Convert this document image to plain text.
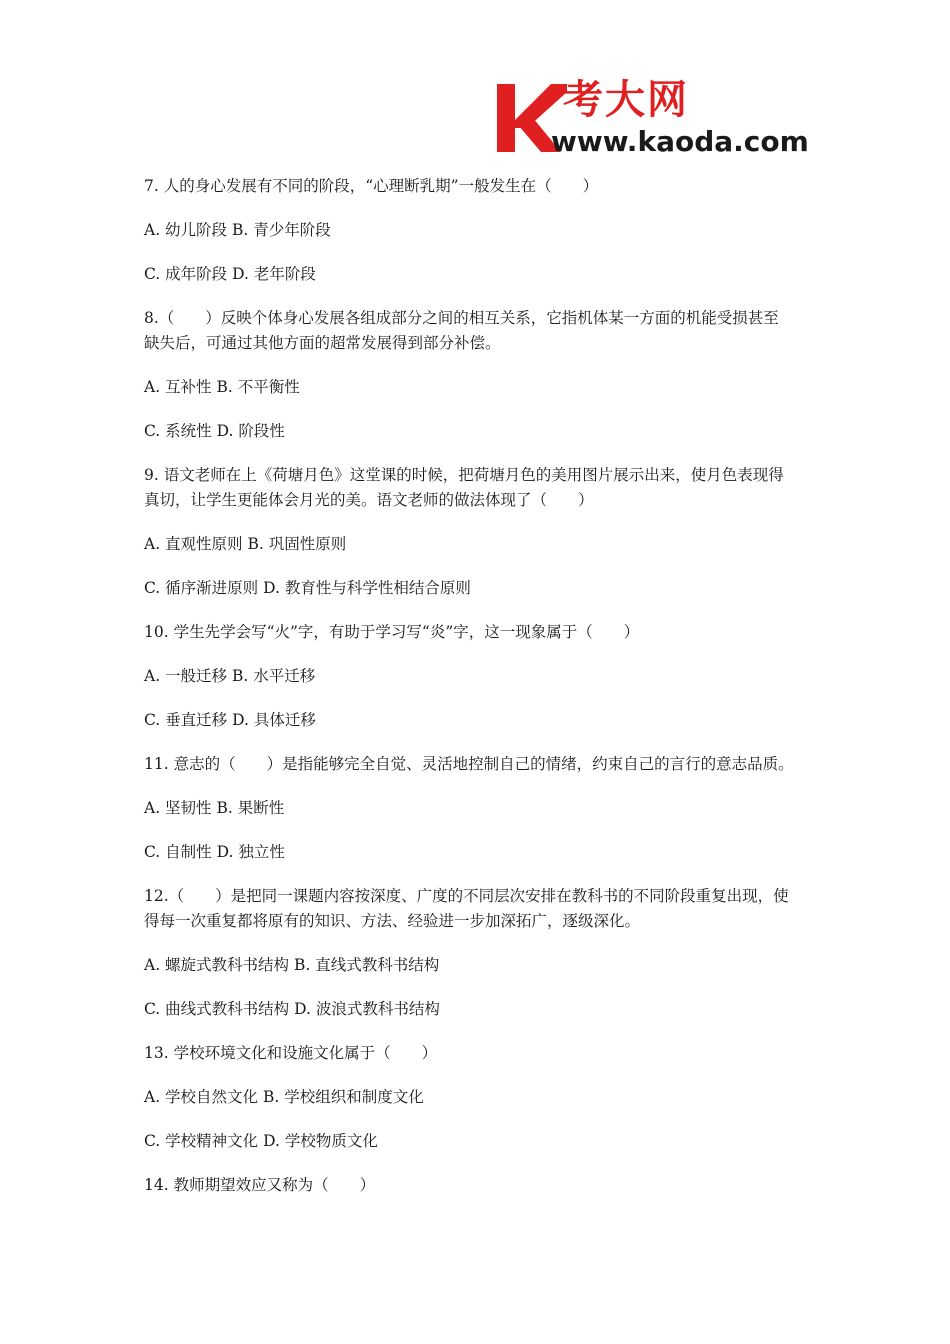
考大网
www.kaoda.com

7. 人的身心发展有不同的阶段，“心理断乳期”一般发生在（　　）

A. 幼儿阶段 B. 青少年阶段

C. 成年阶段 D. 老年阶段

8.（　　）反映个体身心发展各组成部分之间的相互关系，它指机体某一方面的机能受损甚至

缺失后，可通过其他方面的超常发展得到部分补偿。

A. 互补性 B. 不平衡性

C. 系统性 D. 阶段性

9. 语文老师在上《荷塘月色》这堂课的时候，把荷塘月色的美用图片展示出来，使月色表现得

真切，让学生更能体会月光的美。语文老师的做法体现了（　　）

A. 直观性原则 B. 巩固性原则

C. 循序渐进原则 D. 教育性与科学性相结合原则

10. 学生先学会写“火”字，有助于学习写“炎”字，这一现象属于（　　）

A. 一般迁移 B. 水平迁移

C. 垂直迁移 D. 具体迁移

11. 意志的（　　）是指能够完全自觉、灵活地控制自己的情绪，约束自己的言行的意志品质。

A. 坚韧性 B. 果断性

C. 自制性 D. 独立性

12.（　　）是把同一课题内容按深度、广度的不同层次安排在教科书的不同阶段重复出现，使

得每一次重复都将原有的知识、方法、经验进一步加深拓广，逐级深化。

A. 螺旋式教科书结构 B. 直线式教科书结构

C. 曲线式教科书结构 D. 波浪式教科书结构

13. 学校环境文化和设施文化属于（　　）

A. 学校自然文化 B. 学校组织和制度文化

C. 学校精神文化 D. 学校物质文化

14. 教师期望效应又称为（　　）
